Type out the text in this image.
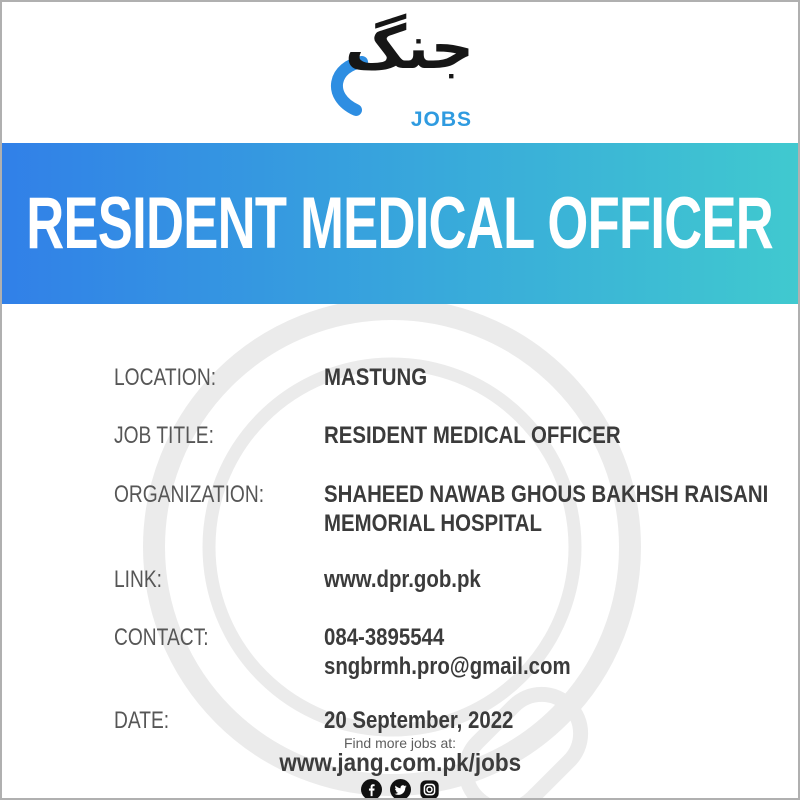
جنگ
JOBS
RESIDENT MEDICAL OFFICER
LOCATION:	MASTUNG
JOB TITLE:	RESIDENT MEDICAL OFFICER
ORGANIZATION: SHAHEED NAWAB GHOUS BAKHSH RAISANI MEMORIAL HOSPITAL
LINK:	www.dpr.gob.pk
CONTACT:	084-3895544
sngbrmh.pro@gmail.com
DATE:	20 September, 2022
Find more jobs at:
www.jang.com.pk/jobs
